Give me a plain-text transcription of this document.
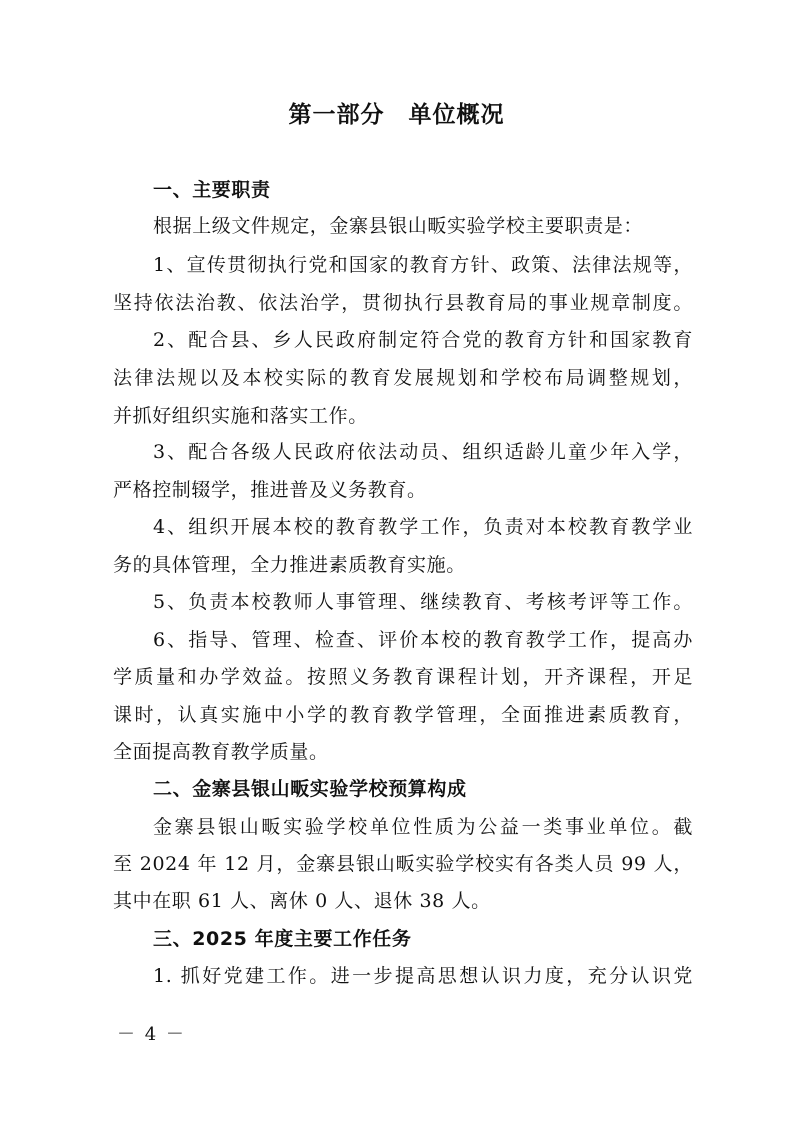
第一部分　单位概况
一、主要职责
根据上级文件规定，金寨县银山畈实验学校主要职责是：
1、宣传贯彻执行党和国家的教育方针、政策、法律法规等，
坚持依法治教、依法治学，贯彻执行县教育局的事业规章制度。
2、配合县、乡人民政府制定符合党的教育方针和国家教育
法律法规以及本校实际的教育发展规划和学校布局调整规划，
并抓好组织实施和落实工作。
3、配合各级人民政府依法动员、组织适龄儿童少年入学，
严格控制辍学，推进普及义务教育。
4、组织开展本校的教育教学工作，负责对本校教育教学业
务的具体管理，全力推进素质教育实施。
5、负责本校教师人事管理、继续教育、考核考评等工作。
6、指导、管理、检查、评价本校的教育教学工作，提高办
学质量和办学效益。按照义务教育课程计划，开齐课程，开足
课时，认真实施中小学的教育教学管理，全面推进素质教育，
全面提高教育教学质量。
二、金寨县银山畈实验学校预算构成
金寨县银山畈实验学校单位性质为公益一类事业单位。截
至 2024 年 12 月，金寨县银山畈实验学校实有各类人员 99 人，
其中在职 61 人、离休 0 人、退休 38 人。
三、2025 年度主要工作任务
1. 抓好党建工作。进一步提高思想认识力度，充分认识党
－ 4 －
